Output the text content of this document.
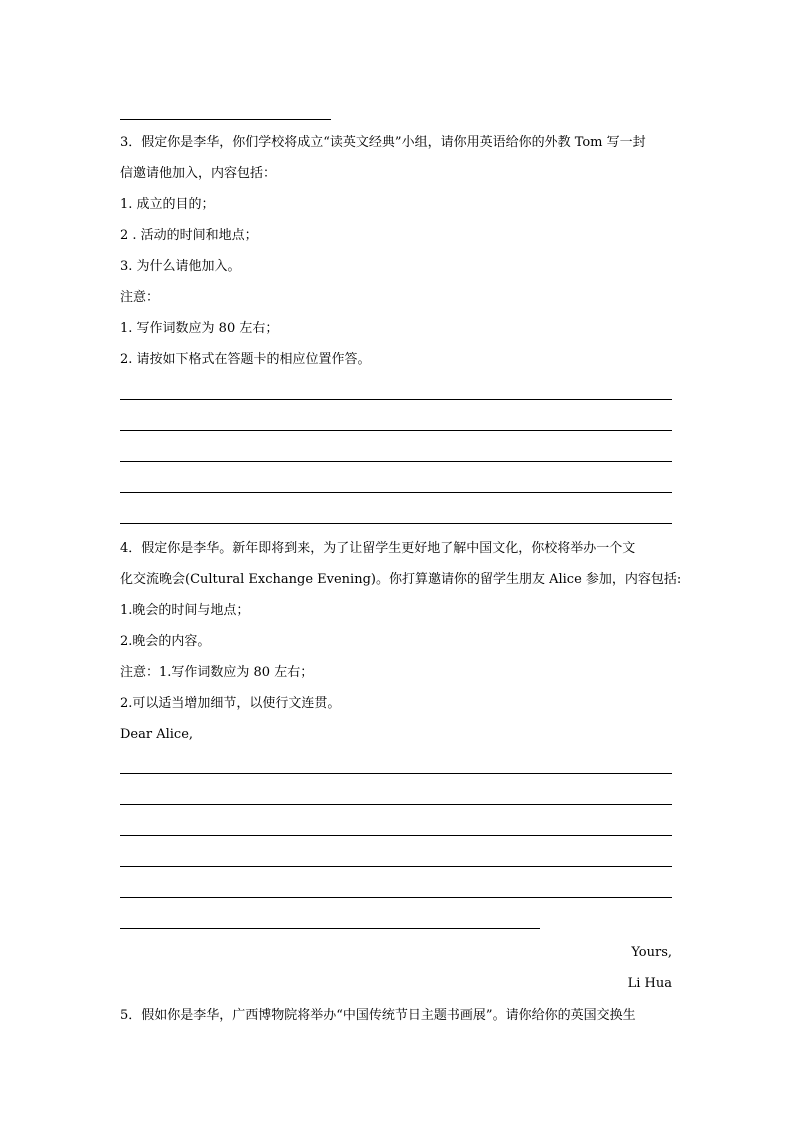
3．假定你是李华，你们学校将成立“读英文经典”小组，请你用英语给你的外教 Tom 写一封
信邀请他加入，内容包括：
1. 成立的目的；
2 . 活动的时间和地点；
3. 为什么请他加入。
注意：
1. 写作词数应为 80 左右；
2. 请按如下格式在答题卡的相应位置作答。
4．假定你是李华。新年即将到来，为了让留学生更好地了解中国文化，你校将举办一个文
化交流晚会(Cultural Exchange Evening)。你打算邀请你的留学生朋友 Alice 参加，内容包括:
1.晚会的时间与地点；
2.晚会的内容。
注意：1.写作词数应为 80 左右；
2.可以适当增加细节，以使行文连贯。
Dear Alice,
Yours,
Li Hua
5．假如你是李华，广西博物院将举办“中国传统节日主题书画展”。请你给你的英国交换生
